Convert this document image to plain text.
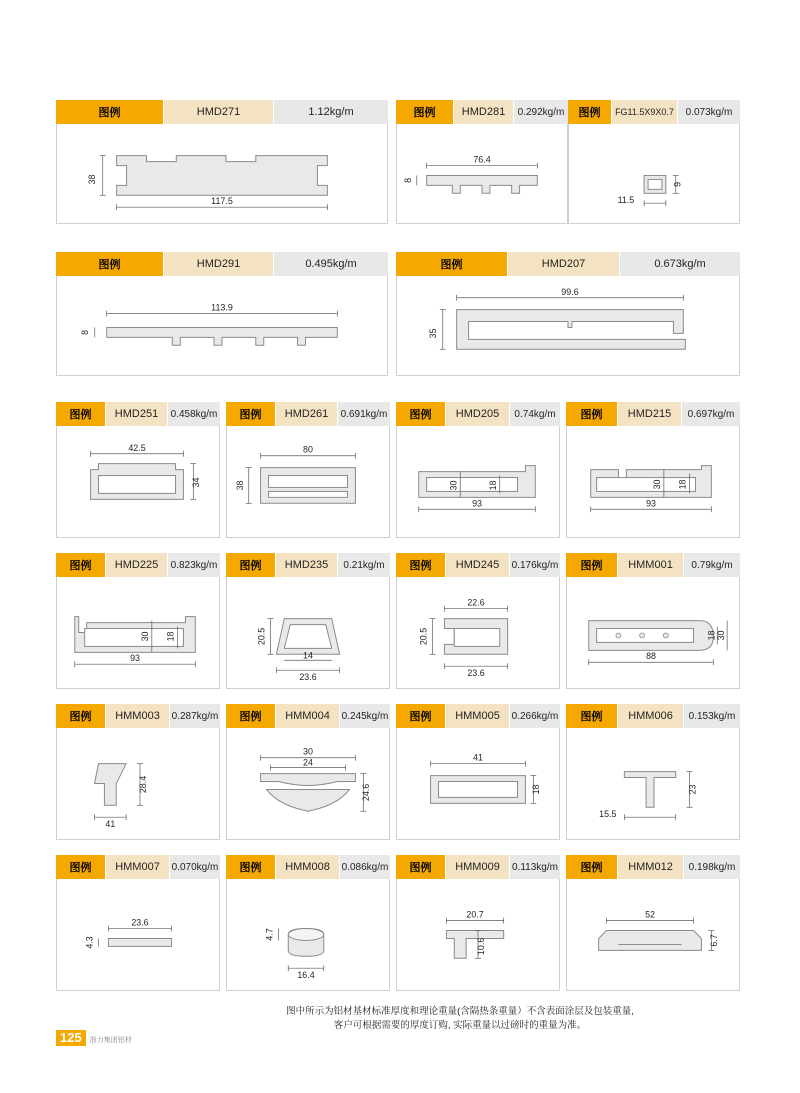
图例	HMD271	1.12kg/m
38
117.5
图例	HMD281	0.292kg/m
76.4
8
图例	FG11.5X9X0.7	0.073kg/m
11.5
9
图例	HMD291	0.495kg/m
113.9
8
图例	HMD207	0.673kg/m
99.6
35
图例	HMD251	0.458kg/m
42.5
34
图例	HMD261	0.691kg/m
80
38
图例	HMD205	0.74kg/m
30	18
93
图例	HMD215	0.697kg/m
30 18
93
图例	HMD225	0.823kg/m
30 18
93
图例	HMD235	0.21kg/m
20.5
14
23.6
图例	HMD245	0.176kg/m
22.6
20.5
23.6
图例	HMM001	0.79kg/m
18 30
88
图例	HMM003	0.287kg/m
28.4
41
图例	HMM004	0.245kg/m
30
24
24.6
图例	HMM005	0.266kg/m
41
18
图例	HMM006	0.153kg/m
23
15.5
图例	HMM007	0.070kg/m
23.6
4.3
图例	HMM008	0.086kg/m
4.7
16.4
图例	HMM009	0.113kg/m
20.7
10.6
图例	HMM012	0.198kg/m
52
6.7
图中所示为铝材基材标准厚度和理论重量(含隔热条重量）不含表面涂层及包装重量,
客户可根据需要的厚度订购, 实际重量以过磅时的重量为准。
125	浙力集团铝材
